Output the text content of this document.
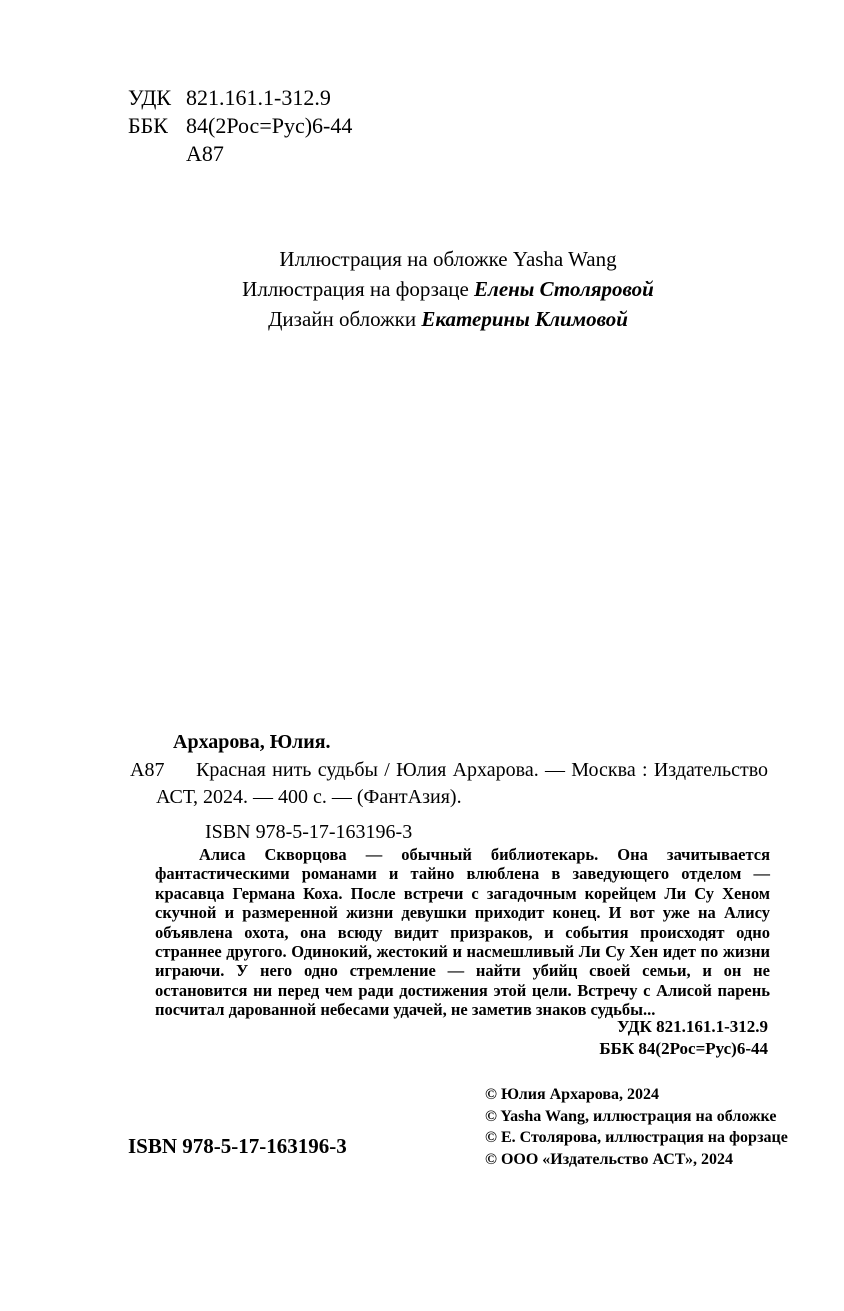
УДК 821.161.1-312.9
ББК 84(2Рос=Рус)6-44
А87
Иллюстрация на обложке Yasha Wang
Иллюстрация на форзаце Елены Столяровой
Дизайн обложки Екатерины Климовой

Архарова, Юлия.

А87	Красная нить судьбы / Юлия Архарова. — Москва : Издательство АСТ, 2024. — 400 с. — (ФантАзия).

ISBN 978-5-17-163196-3

Алиса Скворцова — обычный библиотекарь. Она зачитывается фантастическими романами и тайно влюблена в заведующего отделом — красавца Германа Коха. После встречи с загадочным корейцем Ли Су Хеном скучной и размеренной жизни девушки приходит конец. И вот уже на Алису объявлена охота, она всюду видит призраков, и события происходят одно страннее другого. Одинокий, жестокий и насмешливый Ли Су Хен идет по жизни играючи. У него одно стремление — найти убийц своей семьи, и он не остановится ни перед чем ради достижения этой цели. Встречу с Алисой парень посчитал дарованной небесами удачей, не заметив знаков судьбы...

УДК 821.161.1-312.9
ББК 84(2Рос=Рус)6-44
© Юлия Архарова, 2024
© Yasha Wang, иллюстрация на обложке
© Е. Столярова, иллюстрация на форзаце
© ООО «Издательство АСТ», 2024
ISBN 978-5-17-163196-3
